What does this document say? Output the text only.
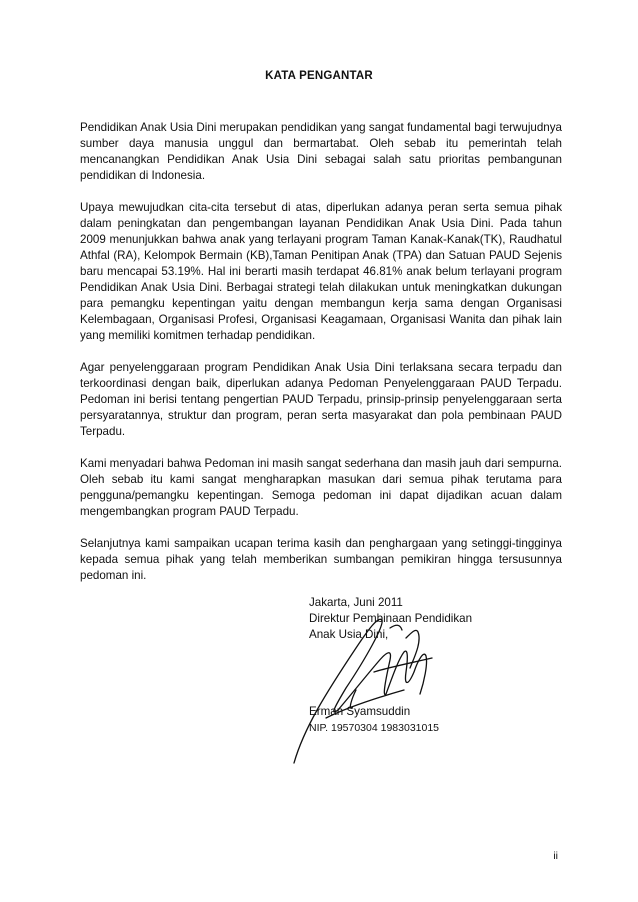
KATA PENGANTAR

Pendidikan Anak Usia Dini merupakan pendidikan yang sangat fundamental bagi terwujudnya sumber daya manusia unggul dan bermartabat. Oleh sebab itu pemerintah telah mencanangkan Pendidikan Anak Usia Dini sebagai salah satu prioritas pembangunan pendidikan di Indonesia.

Upaya mewujudkan cita-cita tersebut di atas, diperlukan adanya peran serta semua pihak dalam peningkatan dan pengembangan layanan Pendidikan Anak Usia Dini. Pada tahun 2009 menunjukkan bahwa anak yang terlayani program Taman Kanak-Kanak(TK), Raudhatul Athfal (RA), Kelompok Bermain (KB),Taman Penitipan Anak (TPA) dan Satuan PAUD Sejenis baru mencapai 53.19%. Hal ini berarti masih terdapat 46.81% anak belum terlayani program Pendidikan Anak Usia Dini. Berbagai strategi telah dilakukan untuk meningkatkan dukungan para pemangku kepentingan yaitu dengan membangun kerja sama dengan Organisasi Kelembagaan, Organisasi Profesi, Organisasi Keagamaan, Organisasi Wanita dan pihak lain yang memiliki komitmen terhadap pendidikan.

Agar penyelenggaraan program Pendidikan Anak Usia Dini terlaksana secara terpadu dan terkoordinasi dengan baik, diperlukan adanya Pedoman Penyelenggaraan PAUD Terpadu. Pedoman ini berisi tentang pengertian PAUD Terpadu, prinsip-prinsip penyelenggaraan serta persyaratannya, struktur dan program, peran serta masyarakat dan pola pembinaan PAUD Terpadu.

Kami menyadari bahwa Pedoman ini masih sangat sederhana dan masih jauh dari sempurna. Oleh sebab itu kami sangat mengharapkan masukan dari semua pihak terutama para pengguna/pemangku kepentingan. Semoga pedoman ini dapat dijadikan acuan dalam mengembangkan program PAUD Terpadu.

Selanjutnya kami sampaikan ucapan terima kasih dan penghargaan yang setinggi-tingginya kepada semua pihak yang telah memberikan sumbangan pemikiran hingga tersusunnya pedoman ini.

Jakarta, Juni 2011
Direktur Pembinaan Pendidikan
Anak Usia Dini,
Erman Syamsuddin
NIP. 19570304 1983031015
ii
